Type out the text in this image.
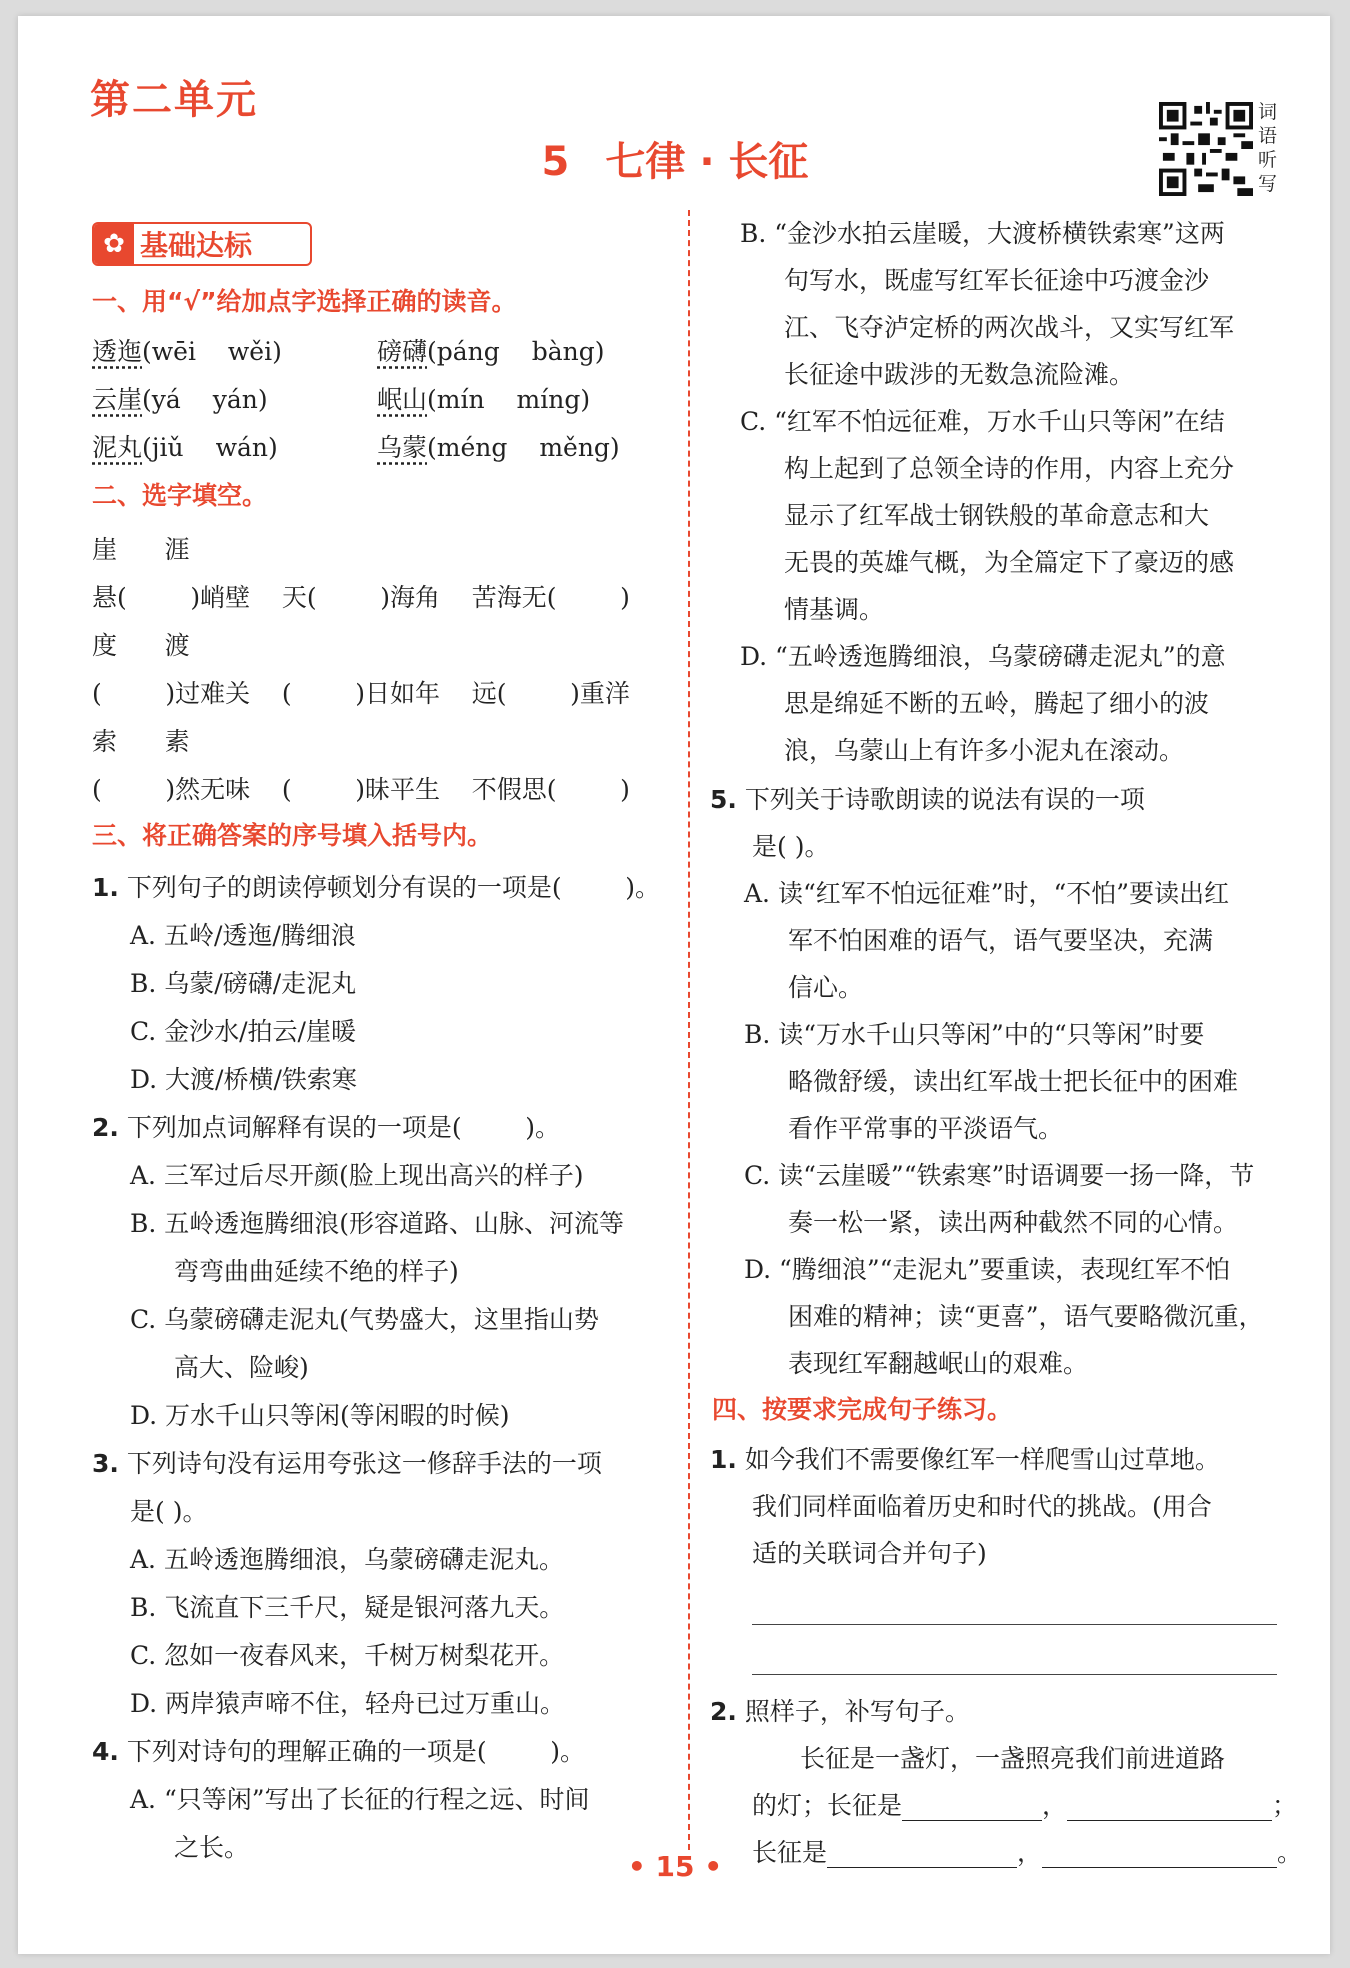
第二单元
5 七律 · 长征
词语听写
✿ 基础达标
一、用“√”给加点字选择正确的读音。
透迤(wēi wěi)	磅礴(páng bàng)
云崖(yá yán)	岷山(mín míng)
泥丸(jiǔ wán)	乌蒙(méng měng)
二、选字填空。
崖      涯
悬(        )峭壁    天(        )海角    苦海无(        )
度      渡
(        )过难关    (        )日如年    远(        )重洋
索      素
(        )然无味    (        )昧平生    不假思(        )
三、将正确答案的序号填入括号内。
1. 下列句子的朗读停顿划分有误的一项是(        )。
A. 五岭/透迤/腾细浪
B. 乌蒙/磅礴/走泥丸
C. 金沙水/拍云/崖暖
D. 大渡/桥横/铁索寒
2. 下列加点词解释有误的一项是(        )。
A. 三军过后尽开颜(脸上现出高兴的样子)
B. 五岭透迤腾细浪(形容道路、山脉、河流等
弯弯曲曲延续不绝的样子)
C. 乌蒙磅礴走泥丸(气势盛大，这里指山势
高大、险峻)
D. 万水千山只等闲(等闲暇的时候)
3. 下列诗句没有运用夸张这一修辞手法的一项
是( )。
A. 五岭透迤腾细浪，乌蒙磅礴走泥丸。
B. 飞流直下三千尺，疑是银河落九天。
C. 忽如一夜春风来，千树万树梨花开。
D. 两岸猿声啼不住，轻舟已过万重山。
4. 下列对诗句的理解正确的一项是(        )。
A. “只等闲”写出了长征的行程之远、时间
之长。
B. “金沙水拍云崖暖，大渡桥横铁索寒”这两
句写水，既虚写红军长征途中巧渡金沙
江、飞夺泸定桥的两次战斗，又实写红军
长征途中跋涉的无数急流险滩。
C. “红军不怕远征难，万水千山只等闲”在结
构上起到了总领全诗的作用，内容上充分
显示了红军战士钢铁般的革命意志和大
无畏的英雄气概，为全篇定下了豪迈的感
情基调。
D. “五岭透迤腾细浪，乌蒙磅礴走泥丸”的意
思是绵延不断的五岭，腾起了细小的波
浪，乌蒙山上有许多小泥丸在滚动。
5. 下列关于诗歌朗读的说法有误的一项
是( )。
A. 读“红军不怕远征难”时，“不怕”要读出红
军不怕困难的语气，语气要坚决，充满
信心。
B. 读“万水千山只等闲”中的“只等闲”时要
略微舒缓，读出红军战士把长征中的困难
看作平常事的平淡语气。
C. 读“云崖暖”“铁索寒”时语调要一扬一降，节
奏一松一紧，读出两种截然不同的心情。
D. “腾细浪”“走泥丸”要重读，表现红军不怕
困难的精神；读“更喜”，语气要略微沉重，
表现红军翻越岷山的艰难。
四、按要求完成句子练习。
1. 如今我们不需要像红军一样爬雪山过草地。
我们同样面临着历史和时代的挑战。(用合
适的关联词合并句子)
2. 照样子，补写句子。
长征是一盏灯，一盏照亮我们前进道路
的灯；长征是	，	；
长征是	，	。
• 15 •
